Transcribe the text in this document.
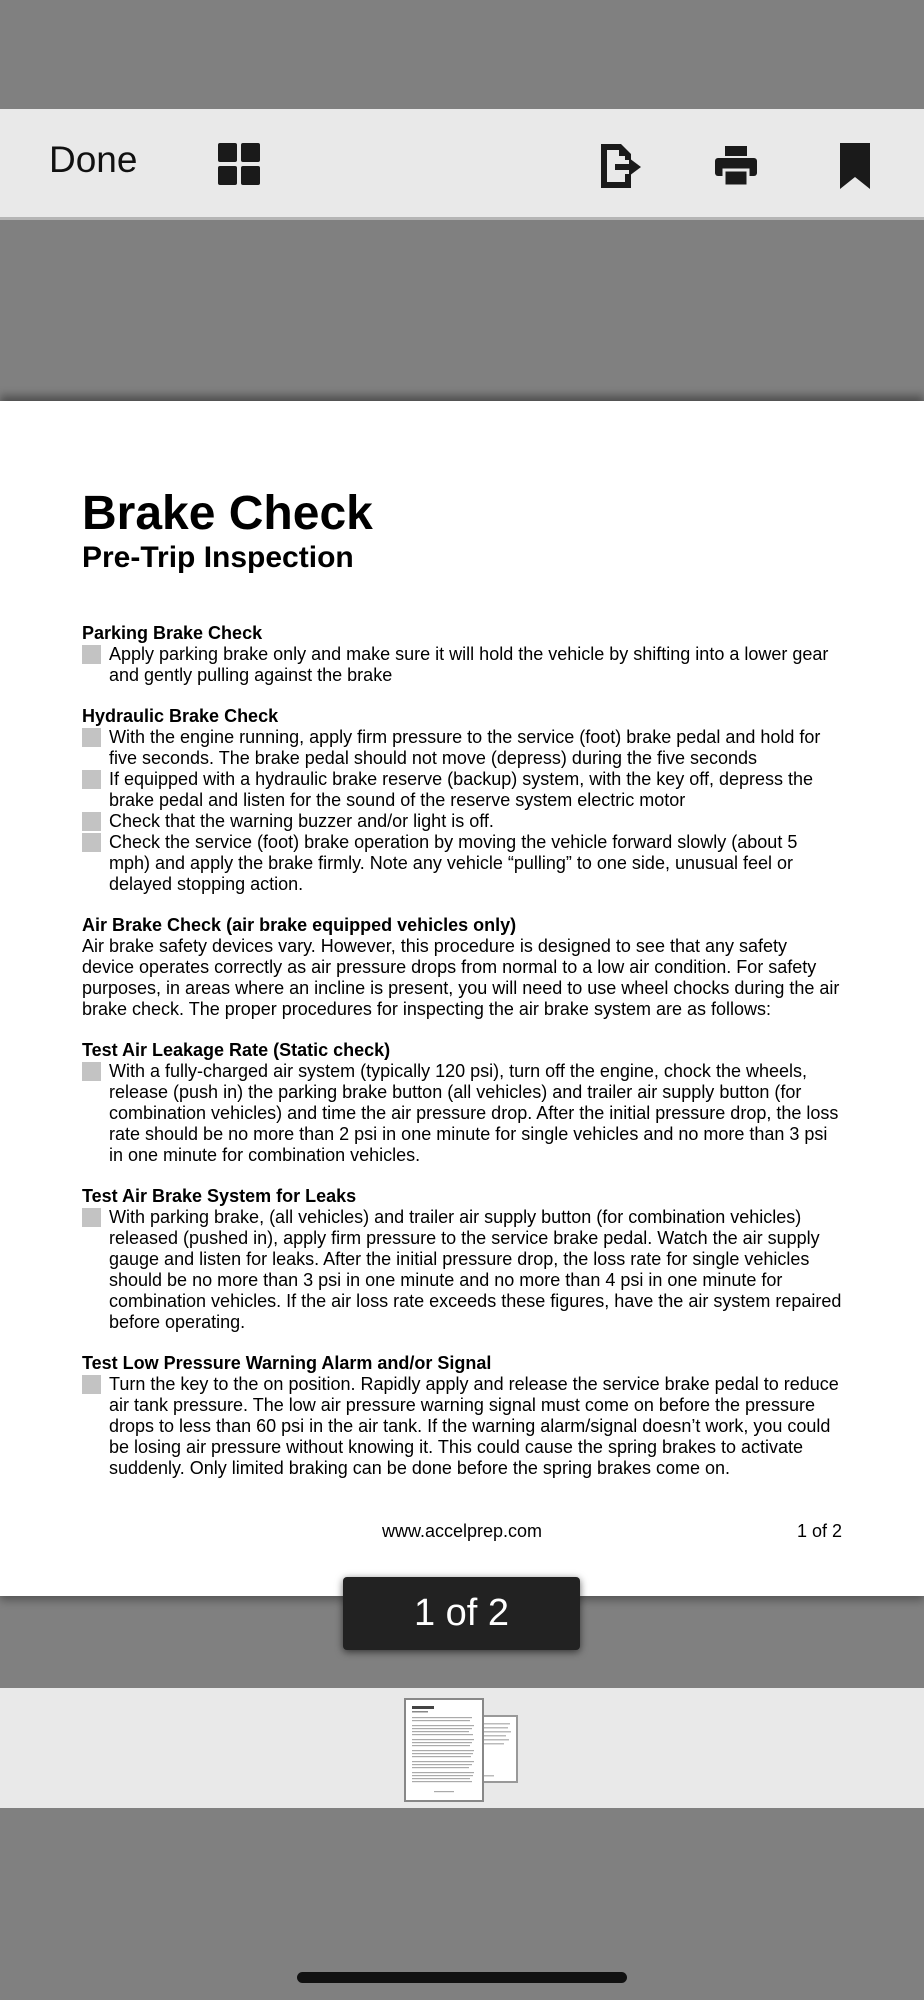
Done
Brake Check
Pre-Trip Inspection
Parking Brake Check
Apply parking brake only and make sure it will hold the vehicle by shifting into a lower gear and gently pulling against the brake
Hydraulic Brake Check
With the engine running, apply firm pressure to the service (foot) brake pedal and hold for five seconds. The brake pedal should not move (depress) during the five seconds
If equipped with a hydraulic brake reserve (backup) system, with the key off, depress the brake pedal and listen for the sound of the reserve system electric motor
Check that the warning buzzer and/or light is off.
Check the service (foot) brake operation by moving the vehicle forward slowly (about 5 mph) and apply the brake firmly. Note any vehicle “pulling” to one side, unusual feel or delayed stopping action.
Air Brake Check (air brake equipped vehicles only)
Air brake safety devices vary. However, this procedure is designed to see that any safety device operates correctly as air pressure drops from normal to a low air condition. For safety purposes, in areas where an incline is present, you will need to use wheel chocks during the air brake check. The proper procedures for inspecting the air brake system are as follows:
Test Air Leakage Rate (Static check)
With a fully-charged air system (typically 120 psi), turn off the engine, chock the wheels, release (push in) the parking brake button (all vehicles) and trailer air supply button (for combination vehicles) and time the air pressure drop. After the initial pressure drop, the loss rate should be no more than 2 psi in one minute for single vehicles and no more than 3 psi in one minute for combination vehicles.
Test Air Brake System for Leaks
With parking brake, (all vehicles) and trailer air supply button (for combination vehicles) released (pushed in), apply firm pressure to the service brake pedal. Watch the air supply gauge and listen for leaks. After the initial pressure drop, the loss rate for single vehicles should be no more than 3 psi in one minute and no more than 4 psi in one minute for combination vehicles. If the air loss rate exceeds these figures, have the air system repaired before operating.
Test Low Pressure Warning Alarm and/or Signal
Turn the key to the on position. Rapidly apply and release the service brake pedal to reduce air tank pressure. The low air pressure warning signal must come on before the pressure drops to less than 60 psi in the air tank. If the warning alarm/signal doesn’t work, you could be losing air pressure without knowing it. This could cause the spring brakes to activate suddenly. Only limited braking can be done before the spring brakes come on.
www.accelprep.com	1 of 2
1 of 2
